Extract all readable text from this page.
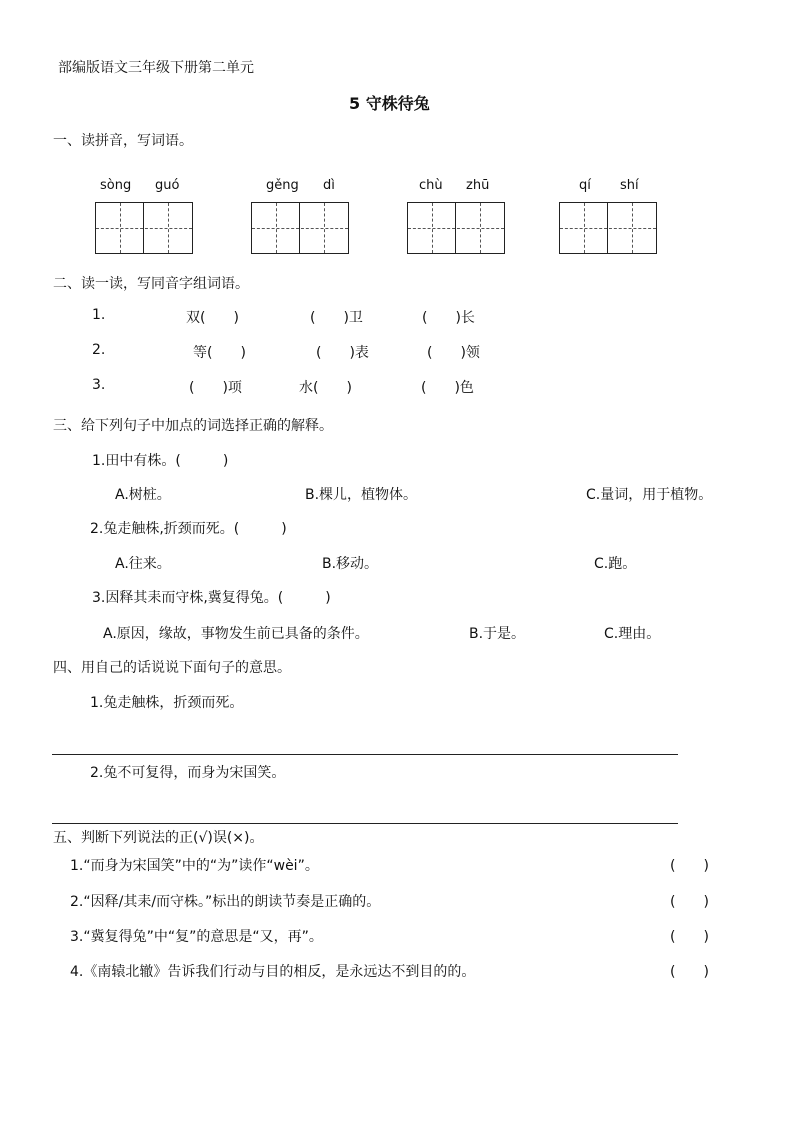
部编版语文三年级下册第二单元
5 守株待兔
一、读拼音，写词语。
sòng guó	gěng dì	chù zhū	qí shí
二、读一读，写同音字组词语。
1.	双(　　)	(　　)卫	(　　)长
2.	等(　　)	(　　)表	(　　)领
3.	(　　)项	水(　　)	(　　)色
三、给下列句子中加点的词选择正确的解释。
1.田中有株。(　　　)
A.树桩。	B.棵儿，植物体。	C.量词，用于植物。
2.兔走触株,折颈而死。(　　　)
A.往来。	B.移动。	C.跑。
3.因释其耒而守株,冀复得兔。(　　　)
A.原因，缘故，事物发生前已具备的条件。	B.于是。	C.理由。
四、用自己的话说说下面句子的意思。
1.兔走触株，折颈而死。
2.兔不可复得，而身为宋国笑。
五、判断下列说法的正(√)误(×)。
1.“而身为宋国笑”中的“为”读作“wèi”。	(　　)
2.“因释/其耒/而守株。”标出的朗读节奏是正确的。	(　　)
3.“冀复得兔”中“复”的意思是“又，再”。	(　　)
4.《南辕北辙》告诉我们行动与目的相反，是永远达不到目的的。	(　　)
